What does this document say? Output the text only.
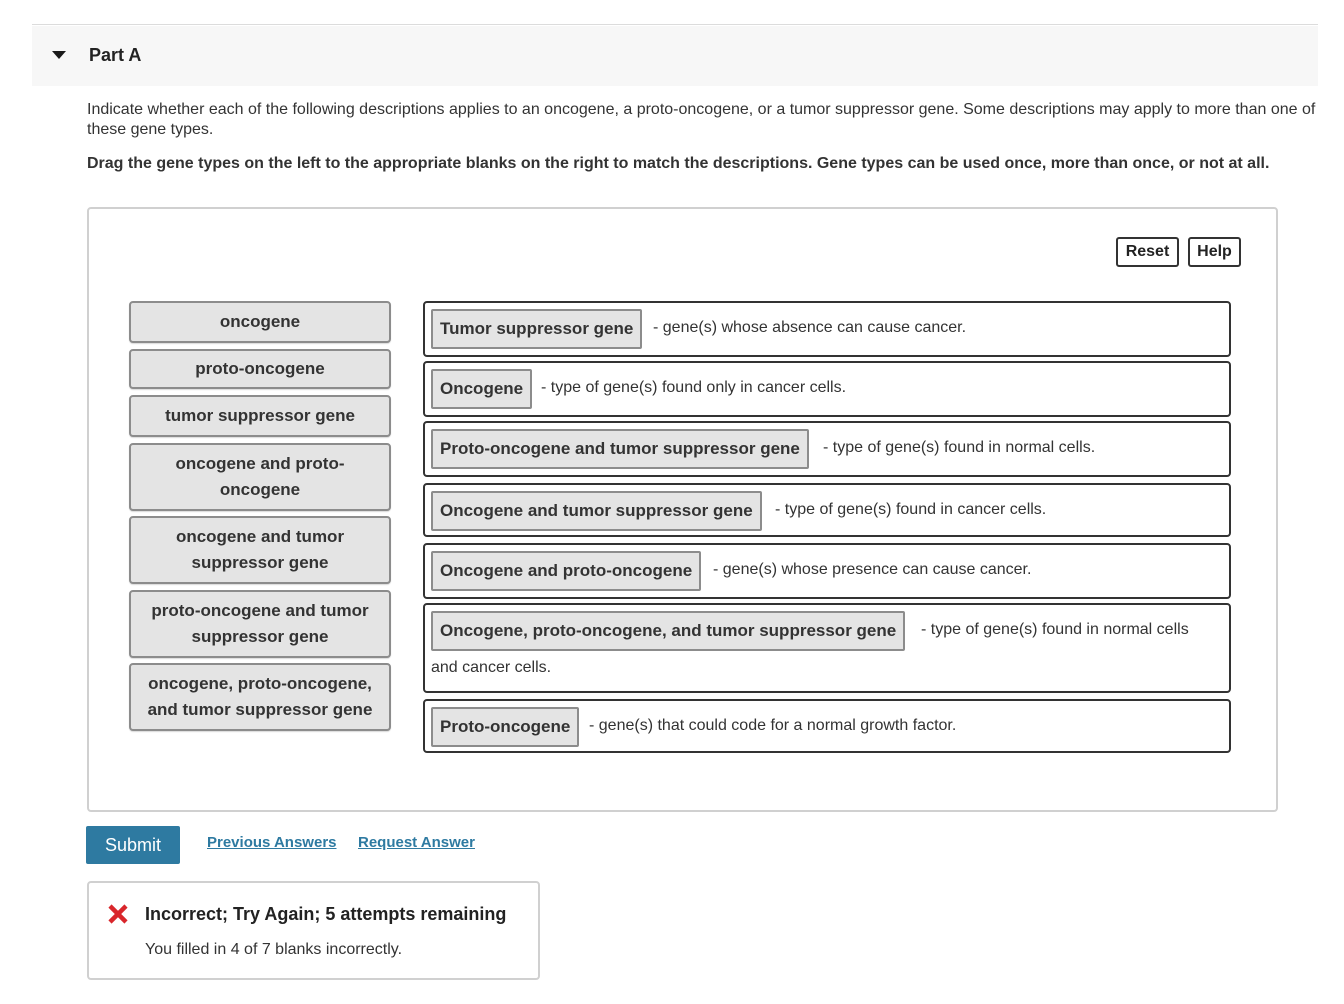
Part A

Indicate whether each of the following descriptions applies to an oncogene, a proto-oncogene, or a tumor suppressor gene. Some descriptions may apply to more than one of these gene types.

Drag the gene types on the left to the appropriate blanks on the right to match the descriptions. Gene types can be used once, more than once, or not at all.

Reset	Help
oncogene
proto-oncogene
tumor suppressor gene
oncogene and proto-oncogene
oncogene and tumor suppressor gene
proto-oncogene and tumor suppressor gene
oncogene, proto-oncogene, and tumor suppressor gene
Tumor suppressor gene	- gene(s) whose absence can cause cancer.
Oncogene	- type of gene(s) found only in cancer cells.
Proto-oncogene and tumor suppressor gene	- type of gene(s) found in normal cells.
Oncogene and tumor suppressor gene	- type of gene(s) found in cancer cells.
Oncogene and proto-oncogene	- gene(s) whose presence can cause cancer.
Oncogene, proto-oncogene, and tumor suppressor gene	- type of gene(s) found in normal cells
and cancer cells.
Proto-oncogene	- gene(s) that could code for a normal growth factor.
Submit	Previous Answers Request Answer
Incorrect; Try Again; 5 attempts remaining
You filled in 4 of 7 blanks incorrectly.
